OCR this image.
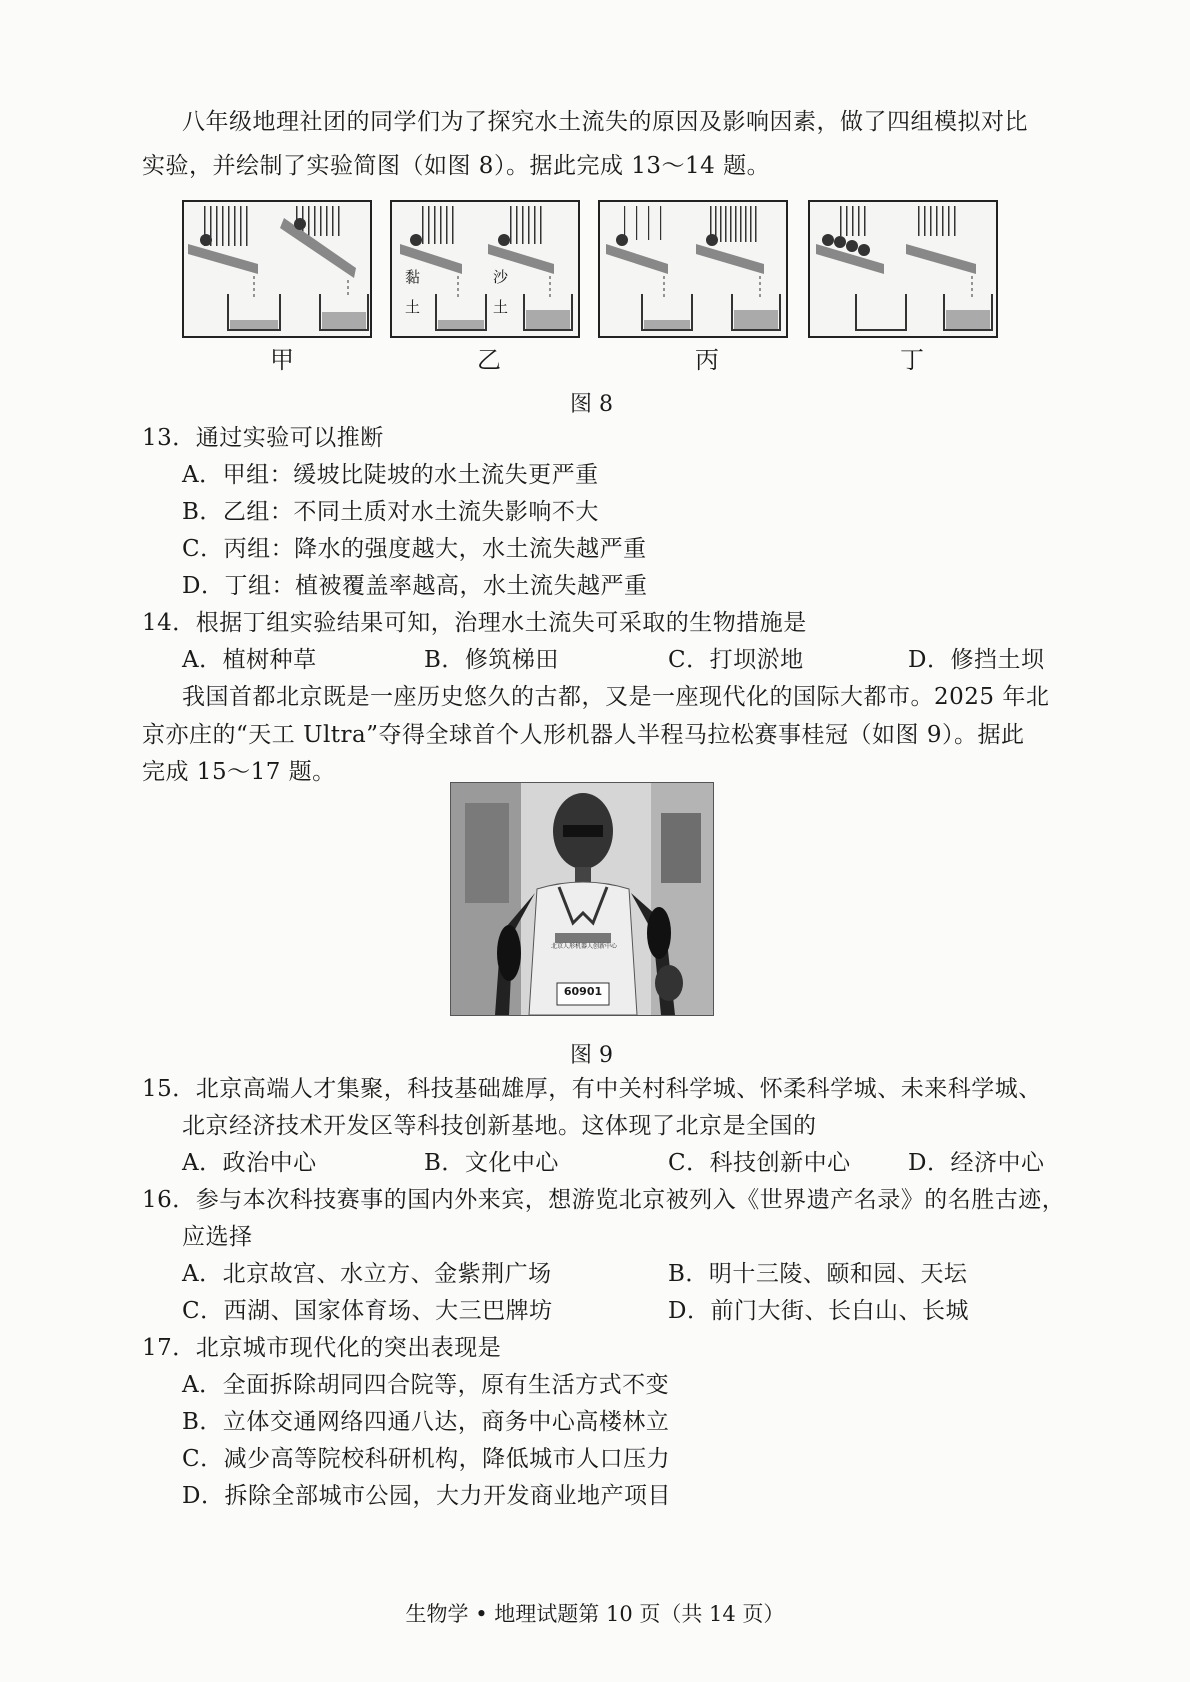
八年级地理社团的同学们为了探究水土流失的原因及影响因素，做了四组模拟对比
实验，并绘制了实验简图（如图 8）。据此完成 13～14 题。
黏土
沙土
甲	乙	丙	丁
图 8
13．通过实验可以推断
A．甲组：缓坡比陡坡的水土流失更严重
B．乙组：不同土质对水土流失影响不大
C．丙组：降水的强度越大，水土流失越严重
D．丁组：植被覆盖率越高，水土流失越严重
14．根据丁组实验结果可知，治理水土流失可采取的生物措施是
A．植树种草	B．修筑梯田	C．打坝淤地	D．修挡土坝
我国首都北京既是一座历史悠久的古都，又是一座现代化的国际大都市。2025 年北
京亦庄的“天工 Ultra”夺得全球首个人形机器人半程马拉松赛事桂冠（如图 9）。据此
完成 15～17 题。
60901
北京人形机器人创新中心
图 9
15．北京高端人才集聚，科技基础雄厚，有中关村科学城、怀柔科学城、未来科学城、
北京经济技术开发区等科技创新基地。这体现了北京是全国的
A．政治中心	B．文化中心	C．科技创新中心 D．经济中心
16．参与本次科技赛事的国内外来宾，想游览北京被列入《世界遗产名录》的名胜古迹，
应选择
A．北京故宫、水立方、金紫荆广场	B．明十三陵、颐和园、天坛
C．西湖、国家体育场、大三巴牌坊	D．前门大街、长白山、长城
17．北京城市现代化的突出表现是
A．全面拆除胡同四合院等，原有生活方式不变
B．立体交通网络四通八达，商务中心高楼林立
C．减少高等院校科研机构，降低城市人口压力
D．拆除全部城市公园，大力开发商业地产项目
生物学 • 地理试题第 10 页（共 14 页）
